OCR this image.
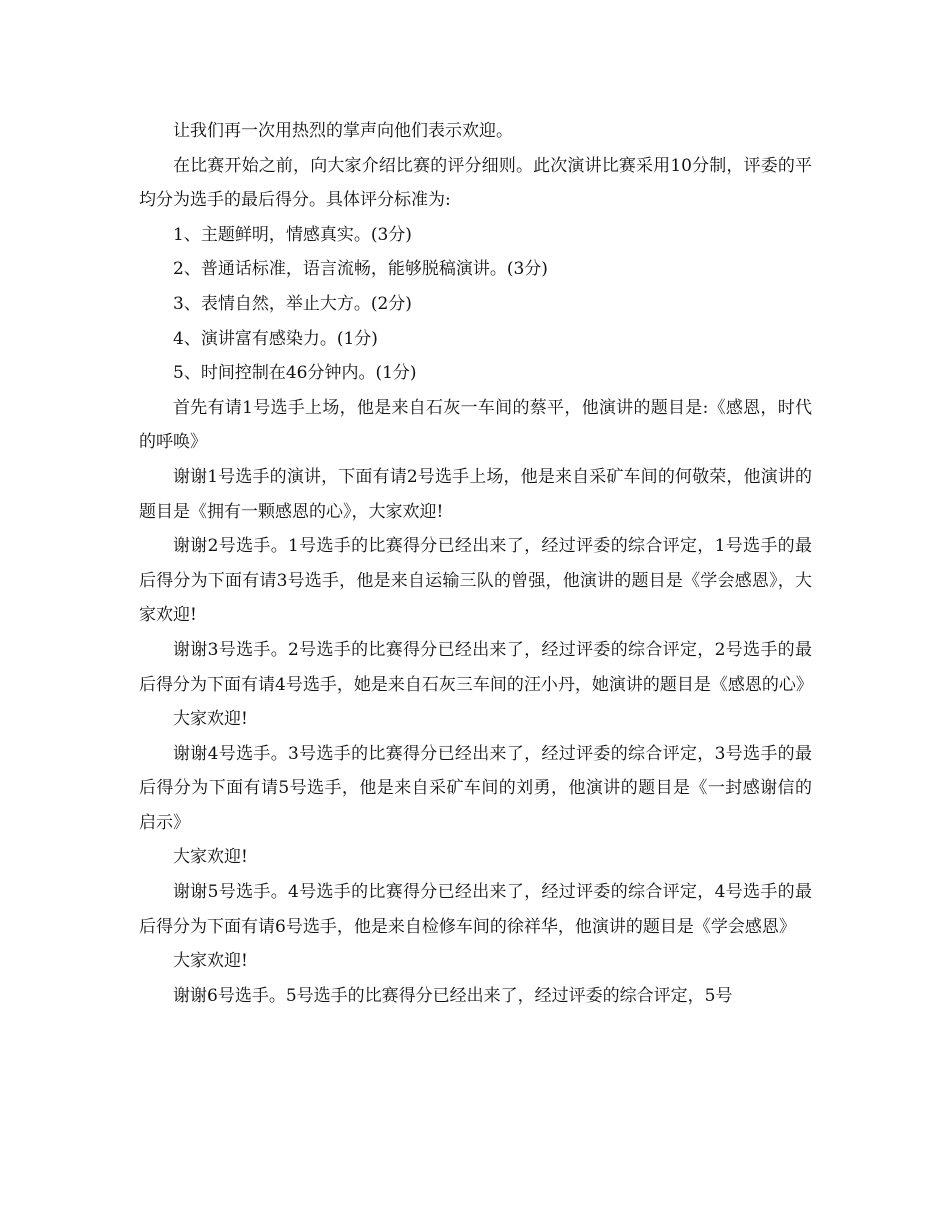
让我们再一次用热烈的掌声向他们表示欢迎。

在比赛开始之前，向大家介绍比赛的评分细则。此次演讲比赛采用10分制，评委的平均分为选手的最后得分。具体评分标准为:

1、主题鲜明，情感真实。(3分)

2、普通话标准，语言流畅，能够脱稿演讲。(3分)

3、表情自然，举止大方。(2分)

4、演讲富有感染力。(1分)

5、时间控制在46分钟内。(1分)

首先有请1号选手上场，他是来自石灰一车间的蔡平，他演讲的题目是:《感恩，时代的呼唤》

谢谢1号选手的演讲，下面有请2号选手上场，他是来自采矿车间的何敬荣，他演讲的题目是《拥有一颗感恩的心》，大家欢迎!

谢谢2号选手。1号选手的比赛得分已经出来了，经过评委的综合评定，1号选手的最后得分为下面有请3号选手，他是来自运输三队的曾强，他演讲的题目是《学会感恩》，大家欢迎!

谢谢3号选手。2号选手的比赛得分已经出来了，经过评委的综合评定，2号选手的最后得分为下面有请4号选手，她是来自石灰三车间的汪小丹，她演讲的题目是《感恩的心》

大家欢迎!

谢谢4号选手。3号选手的比赛得分已经出来了，经过评委的综合评定，3号选手的最后得分为下面有请5号选手，他是来自采矿车间的刘勇，他演讲的题目是《一封感谢信的启示》

大家欢迎!

谢谢5号选手。4号选手的比赛得分已经出来了，经过评委的综合评定，4号选手的最后得分为下面有请6号选手，他是来自检修车间的徐祥华，他演讲的题目是《学会感恩》

大家欢迎!

谢谢6号选手。5号选手的比赛得分已经出来了，经过评委的综合评定，5号
